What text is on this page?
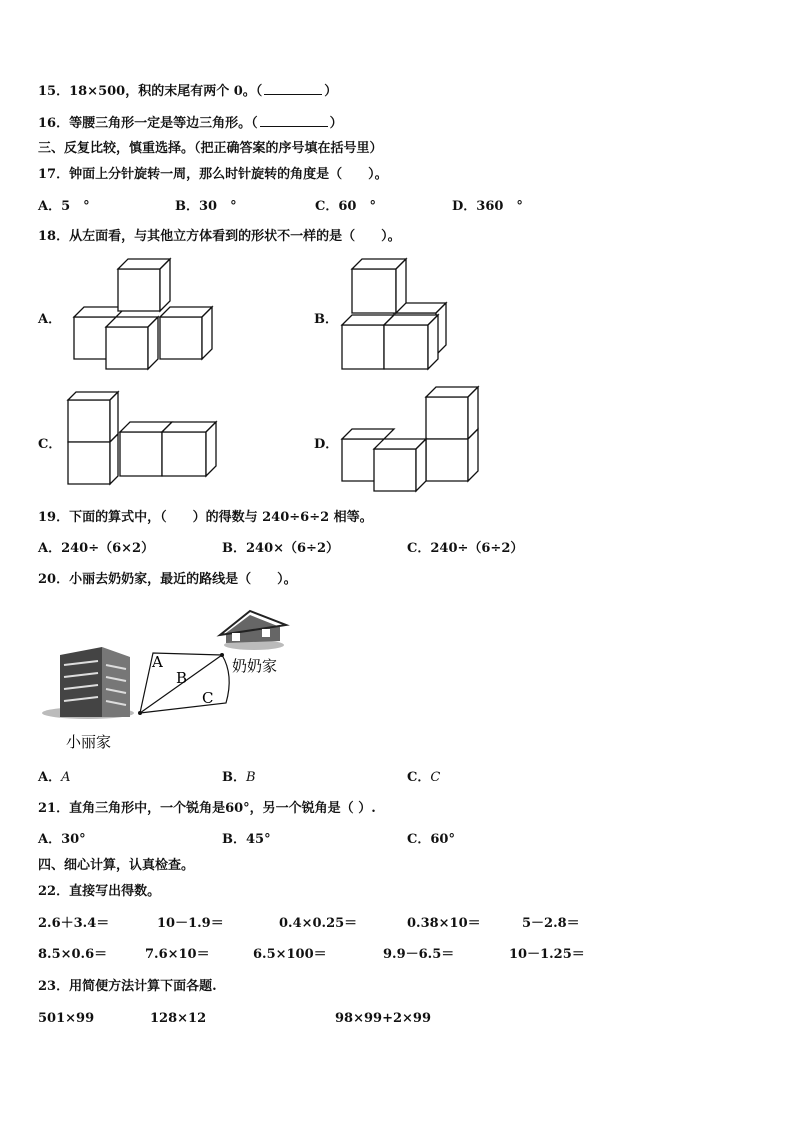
15．18×500，积的末尾有两个 0。（	）
16．等腰三角形一定是等边三角形。（	）
三、反复比较，慎重选择。（把正确答案的序号填在括号里）
17．钟面上分针旋转一周，那么时针旋转的角度是（　　）。
A．5　°	B．30　°	C．60　°	D．360　°
18．从左面看，与其他立方体看到的形状不一样的是（　　）。
A．	B．
C．	D．
19．下面的算式中，（　　）的得数与 240÷6÷2 相等。
A．240÷（6×2）	B．240×（6÷2）	C．240÷（6÷2）
20．小丽去奶奶家，最近的路线是（　　）。
A
B
C
奶奶家
小丽家
A．A	B．B	C．C
21．直角三角形中，一个锐角是60°，另一个锐角是（ ）.
A．30°	B．45°	C．60°
四、细心计算，认真检查。
22．直接写出得数。
2.6＋3.4＝	10－1.9＝	0.4×0.25＝	0.38×10＝	5－2.8＝
8.5×0.6＝	7.6×10＝	6.5×100＝	9.9－6.5＝	10－1.25＝
23．用简便方法计算下面各题.
501×99	128×12	98×99+2×99
